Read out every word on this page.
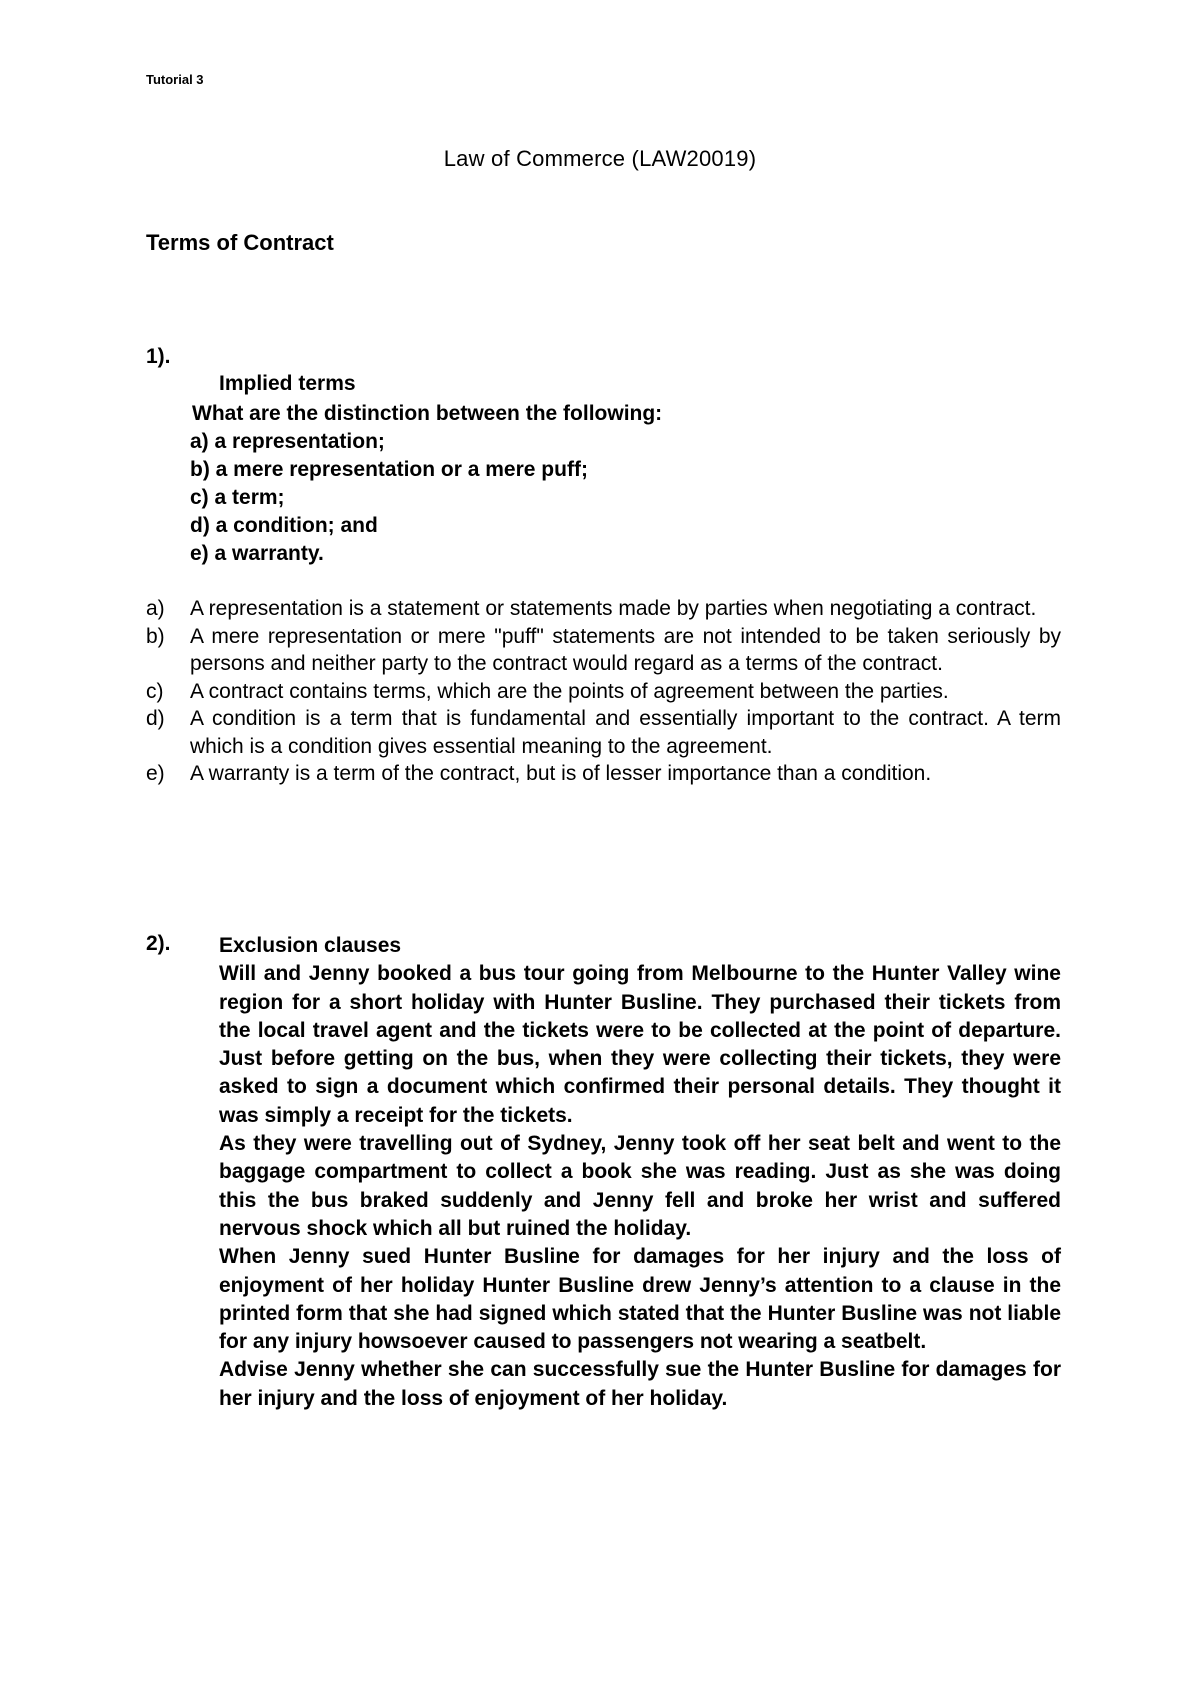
Tutorial 3
Law of Commerce (LAW20019)
Terms of Contract
1).
Implied terms
What are the distinction between the following:
a) a representation;
b) a mere representation or a mere puff;
c) a term;
d) a condition; and
e) a warranty.
a)	A representation is a statement or statements made by parties when negotiating a contract.
b)	A mere representation or mere "puff" statements are not intended to be taken seriously by persons and neither party to the contract would regard as a terms of the contract.
c)	A contract contains terms, which are the points of agreement between the parties.
d)	A condition is a term that is fundamental and essentially important to the contract. A term which is a condition gives essential meaning to the agreement.
e)	A warranty is a term of the contract, but is of lesser importance than a condition.
2). Exclusion clauses

Will and Jenny booked a bus tour going from Melbourne to the Hunter Valley wine region for a short holiday with Hunter Busline. They purchased their tickets from the local travel agent and the tickets were to be collected at the point of departure. Just before getting on the bus, when they were collecting their tickets, they were asked to sign a document which confirmed their personal details. They thought it was simply a receipt for the tickets.

As they were travelling out of Sydney, Jenny took off her seat belt and went to the baggage compartment to collect a book she was reading. Just as she was doing this the bus braked suddenly and Jenny fell and broke her wrist and suffered nervous shock which all but ruined the holiday.

When Jenny sued Hunter Busline for damages for her injury and the loss of enjoyment of her holiday Hunter Busline drew Jenny’s attention to a clause in the printed form that she had signed which stated that the Hunter Busline was not liable for any injury howsoever caused to passengers not wearing a seatbelt.

Advise Jenny whether she can successfully sue the Hunter Busline for damages for her injury and the loss of enjoyment of her holiday.
